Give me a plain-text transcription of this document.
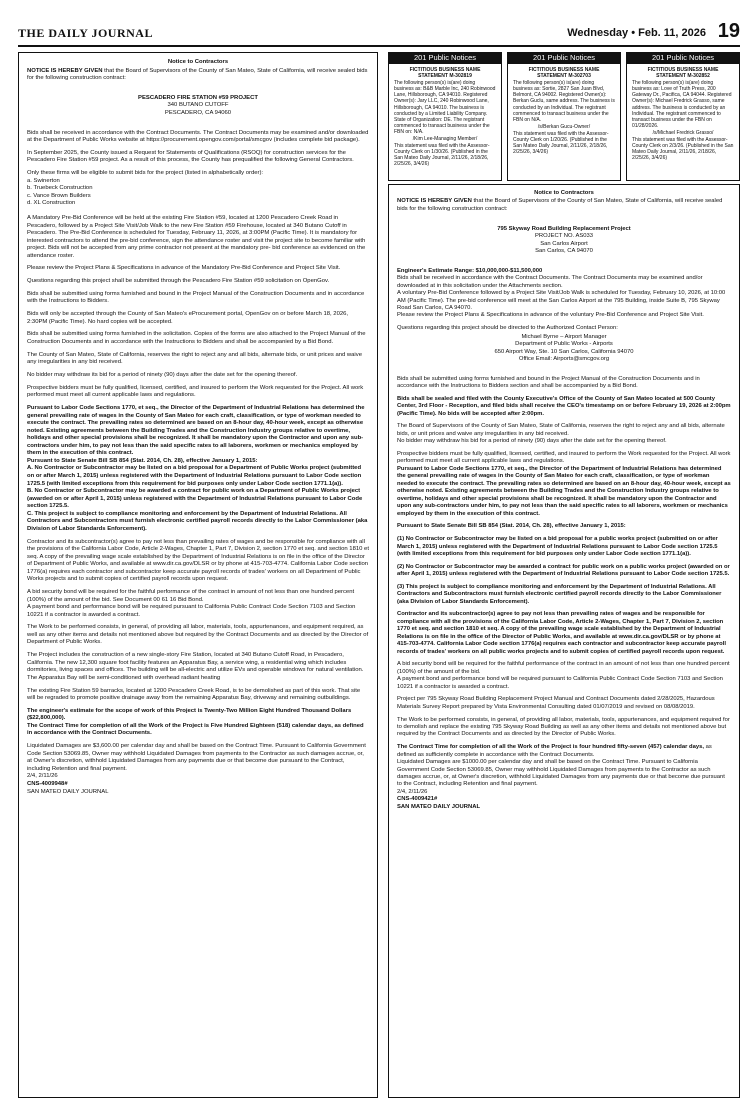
THE DAILY JOURNAL	Wednesday • Feb. 11, 2026 19

Notice to Contractors

NOTICE IS HEREBY GIVEN that the Board of Supervisors of the County of San Mateo, State of California, will receive sealed bids for the following construction contract:

PESCADERO FIRE STATION #59 PROJECT
340 BUTANO CUTOFF
PESCADERO, CA 94060

Bids shall be received in accordance with the Contract Documents. The Contract Documents may be examined and/or downloaded at the Department of Public Works website at https://procurement.opengov.com/portal/smcgov (includes complete bid package).

In September 2025, the County issued a Request for Statements of Qualifications (RSOQ) for construction services for the Pescadero Fire Station #59 project. As a result of this process, the County has prequalified the following General Contractors.

Only these firms will be eligible to submit bids for the project (listed in alphabetically order):
a. Swinerton
b. Truebeck Construction
c. Vance Brown Builders
d. XL Construction

A Mandatory Pre-Bid Conference will be held at the existing Fire Station #59, located at 1200 Pescadero Creek Road in Pescadero, followed by a Project Site Visit/Job Walk to the new Fire Station #59 Firehouse, located at 340 Butano Cutoff in Pescadero. The Pre-Bid Conference is scheduled for Tuesday, February 11, 2026, at 3:00PM (Pacific Time). It is mandatory for interested contractors to attend the pre-bid conference, sign the attendance roster and visit the project site to become familiar with project. Bids will not be accepted from any prime contractor not present at the mandatory pre- bid conference as evidenced on the attendance roster.

Please review the Project Plans & Specifications in advance of the Mandatory Pre-Bid Conference and Project Site Visit.

Questions regarding this project shall be submitted through the Pescadero Fire Station #59 solicitation on OpenGov.

Bids shall be submitted using forms furnished and bound in the Project Manual of the Construction Documents and in accordance with the Instructions to Bidders.

Bids will only be accepted through the County of San Mateo's eProcurement portal, OpenGov on or before March 18, 2026, 2:30PM (Pacific Time). No hard copies will be accepted.

Bids shall be submitted using forms furnished in the solicitation. Copies of the forms are also attached to the Project Manual of the Construction Documents and in accordance with the Instructions to Bidders and shall be accompanied by a Bid Bond.

The County of San Mateo, State of California, reserves the right to reject any and all bids, alternate bids, or unit prices and waive any irregularities in any bid received.

No bidder may withdraw its bid for a period of ninety (90) days after the date set for the opening thereof.

Prospective bidders must be fully qualified, licensed, certified, and insured to perform the Work requested for the Project. All work performed must meet all current applicable laws and regulations.

Pursuant to Labor Code Sections 1770, et seq., the Director of the Department of Industrial Relations has determined the general prevailing rate of wages in the County of San Mateo for each craft, classification, or type of workman needed to execute the contract. The prevailing rates so determined are based on an 8-hour day, 40-hour week, except as otherwise noted. Existing agreements between the Building Trades and the Construction Industry groups relative to overtime, holidays and other special provisions shall be recognized. It shall be mandatory upon the Contractor and upon any sub- contractors under him, to pay not less than the said specific rates to all laborers, workmen or mechanics employed by them in the execution of this contract.

Pursuant to State Senate Bill SB 854 (Stat. 2014, Ch. 28), effective January 1, 2015:

A. No Contractor or Subcontractor may be listed on a bid proposal for a Department of Public Works project (submitted on or after March 1, 2015) unless registered with the Department of Industrial Relations pursuant to Labor Code section 1725.5 (with limited exceptions from this requirement for bid purposes only under Labor Code section 1771.1(a)).

B. No Contractor or Subcontractor may be awarded a contract for public work on a Department of Public Works project (awarded on or after April 1, 2015) unless registered with the Department of Industrial Relations pursuant to Labor Code section 1725.5.

C. This project is subject to compliance monitoring and enforcement by the Department of Industrial Relations. All Contractors and Subcontractors must furnish electronic certified payroll records directly to the Labor Commissioner (aka Division of Labor Standards Enforcement).

Contractor and its subcontractor(s) agree to pay not less than prevailing rates of wages and be responsible for compliance with all the provisions of the California Labor Code, Article 2-Wages, Chapter 1, Part 7, Division 2, section 1770 et seq. and section 1810 et seq. A copy of the prevailing wage scale established by the Department of Industrial Relations is on file in the office of the Director of Department of Public Works, and available at www.dir.ca.gov/DLSR or by phone at 415-703-4774. California Labor Code section 1776(a) requires each contractor and subcontractor keep accurate payroll records of trades' workers on all Department of Public Works projects and to submit copies of certified payroll records upon request.

A bid security bond will be required for the faithful performance of the contract in amount of not less than one hundred percent (100%) of the amount of the bid. See Document 00 61 16 Bid Bond.
A payment bond and performance bond will be required pursuant to California Public Contract Code Section 7103 and Section 10221 if a contractor is awarded a contract.

The Work to be performed consists, in general, of providing all labor, materials, tools, appurtenances, and equipment required, as well as any other items and details not mentioned above but required by the Contract Documents and as directed by the Director of Department of Public Works.

The Project includes the construction of a new single-story Fire Station, located at 340 Butano Cutoff Road, in Pescadero, California. The new 12,300 square foot facility features an Apparatus Bay, a service wing, a residential wing which includes dormitories, living spaces and offices. The building will be all-electric and utilize EVs and operable windows for natural ventilation. The Apparatus Bay will be semi-conditioned with overhead radiant heating

The existing Fire Station 59 barracks, located at 1200 Pescadero Creek Road, is to be demolished as part of this work. That site will be regraded to promote positive drainage away from the remaining Apparatus Bay, driveway and remaining outbuildings.

The engineer's estimate for the scope of work of this Project is Twenty-Two Million Eight Hundred Thousand Dollars ($22,800,000).

The Contract Time for completion of all the Work of the Project is Five Hundred Eighteen (518) calendar days, as defined in accordance with the Contract Documents.

Liquidated Damages are $3,600.00 per calendar day and shall be based on the Contract Time. Pursuant to California Government Code Section 53069.85, Owner may withhold Liquidated Damages from payments to the Contractor as such damages accrue, or, at Owner's discretion, withhold Liquidated Damages from any payments due or that become due pursuant to the Contract, including Retention and final payment.

2/4, 2/11/26
CNS-4009948#
SAN MATEO DAILY JOURNAL

201 Public Notices	201 Public Notices	201 Public Notices

FICTITIOUS BUSINESS NAME STATEMENT M-302819

The following person(s) is(are) doing business as: B&B Marble Inc, 240 Robinwood Lane, Hillsborough, CA 94010. Registered Owner(s): Jary LLC, 240 Robinwood Lane, Hillsborough, CA 94010. The business is conducted by a Limited Liability Company. State of Organization: DE. The registrant commenced to transact business under the FBN on: N/A.

/Kim Lee-Managing Member/

This statement was filed with the Assessor-County Clerk on 1/30/26. (Published in the San Mateo Daily Journal, 2/11/26, 2/18/26, 2/25/26, 3/4/26)

FICTITIOUS BUSINESS NAME STATEMENT M-302703

The following person(s) is(are) doing business as: Sortie, 2827 San Juan Blvd, Belmont, CA 94002. Registered Owner(s): Berkan Guclu, same address. The business is conducted by an Individual. The registrant commenced to transact business under the FBN on N/A.

/s/Berkan Gucu-Owner/

This statement was filed with the Assessor-County Clerk on 1/20/26. (Published in the San Mateo Daily Journal, 2/11/26, 2/18/26, 2/25/26, 3/4/26)

FICTITIOUS BUSINESS NAME STATEMENT M-302852

The following person(s) is(are) doing business as: Love of Truth Press, 200 Gateway Dr., Pacifica, CA 94044. Registered Owner(s): Michael Fredrick Grasso, same address. The business is conducted by an Individual. The registrant commenced to transact business under the FBN on 01/28/2026.

/s/Michael Fredrick Grasso/

This statement was filed with the Assessor-County Clerk on 2/3/26. (Published in the San Mateo Daily Journal, 2/11/26, 2/18/26, 2/25/26, 3/4/26)

Notice to Contractors

NOTICE IS HEREBY GIVEN that the Board of Supervisors of the County of San Mateo, State of California, will receive sealed bids for the following construction contract:

795 Skyway Road Building Replacement Project
PROJECT NO. AS033
San Carlos Airport
San Carlos, CA 94070

Engineer's Estimate Range: $10,000,000-$11,500,000
Bids shall be received in accordance with the Contract Documents. The Contract Documents may be examined and/or downloaded at in this solicitation under the Attachments section.
A voluntary Pre-Bid Conference followed by a Project Site Visit/Job Walk is scheduled for Tuesday, February 10, 2026, at 10:00 AM (Pacific Time). The pre-bid conference will meet at the San Carlos Airport at the 795 Building, inside Suite B, 795 Skyway Road San Carlos, CA 94070.
Please review the Project Plans & Specifications in advance of the voluntary Pre-Bid Conference and Project Site Visit.

Questions regarding this project should be directed to the Authorized Contact Person:

Michael Byrne – Airport Manager
Department of Public Works - Airports
650 Airport Way, Ste. 10 San Carlos, California 94070
Office Email: Airports@smcgov.org

Bids shall be submitted using forms furnished and bound in the Project Manual of the Construction Documents and in accordance with the Instructions to Bidders section and shall be accompanied by a Bid Bond.

Bids shall be sealed and filed with the County Executive's Office of the County of San Mateo located at 500 County Center, 3rd Floor - Reception, and filed bids shall receive the CEO's timestamp on or before February 19, 2026 at 2:00pm (Pacific Time). No bids will be accepted after 2:00pm.

The Board of Supervisors of the County of San Mateo, State of California, reserves the right to reject any and all bids, alternate bids, or unit prices and waive any irregularities in any bid received.
No bidder may withdraw his bid for a period of ninety (90) days after the date set for the opening thereof.

Prospective bidders must be fully qualified, licensed, certified, and insured to perform the Work requested for the Project. All work performed must meet all current applicable laws and regulations.

Pursuant to Labor Code Sections 1770, et seq., the Director of the Department of Industrial Relations has determined the general prevailing rate of wages in the County of San Mateo for each craft, classification, or type of workman needed to execute the contract. The prevailing rates so determined are based on an 8-hour day, 40-hour week, except as otherwise noted. Existing agreements between the Building Trades and the Construction Industry groups relative to overtime, holidays and other special provisions shall be recognized. It shall be mandatory upon the Contractor and upon any sub-contractors under him, to pay not less than the said specific rates to all laborers, workmen or mechanics employed by them in the execution of this contract.

Pursuant to State Senate Bill SB 854 (Stat. 2014, Ch. 28), effective January 1, 2015:

(1) No Contractor or Subcontractor may be listed on a bid proposal for a public works project (submitted on or after March 1, 2015) unless registered with the Department of Industrial Relations pursuant to Labor Code section 1725.5 (with limited exceptions from this requirement for bid purposes only under Labor Code section 1771.1(a)).

(2) No Contractor or Subcontractor may be awarded a contract for public work on a public works project (awarded on or after April 1, 2015) unless registered with the Department of Industrial Relations pursuant to Labor Code section 1725.5.

(3) This project is subject to compliance monitoring and enforcement by the Department of Industrial Relations. All Contractors and Subcontractors must furnish electronic certified payroll records directly to the Labor Commissioner (aka Division of Labor Standards Enforcement).

Contractor and its subcontractor(s) agree to pay not less than prevailing rates of wages and be responsible for compliance with all the provisions of the California Labor Code, Article 2-Wages, Chapter 1, Part 7, Division 2, section 1770 et seq. and section 1810 et seq. A copy of the prevailing wage scale established by the Department of Industrial Relations is on file in the office of the Director of Public Works, and available at www.dir.ca.gov/DLSR or by phone at 415-703-4774. California Labor Code section 1776(a) requires each contractor and subcontractor keep accurate payroll records of trades' workers on all public works projects and to submit copies of certified payroll records upon request.

A bid security bond will be required for the faithful performance of the contract in an amount of not less than one hundred percent (100%) of the amount of the bid.
A payment bond and performance bond will be required pursuant to California Public Contract Code Section 7103 and Section 10221 if a contractor is awarded a contract.

Project per 795 Skyway Road Building Replacement Project Manual and Contract Documents dated 2/28/2025, Hazardous Materials Survey Report prepared by Vista Environmental Consulting dated 01/07/2019 and revised on 08/08/2019.

The Work to be performed consists, in general, of providing all labor, materials, tools, appurtenances, and equipment required for to demolish and replace the existing 795 Skyway Road Building as well as any other items and details not mentioned above but required by the Contract Documents and as directed by the Director of Public Works.

The Contract Time for completion of all the Work of the Project is four hundred fifty-seven (457) calendar days, as defined as sufficiently complete in accordance with the Contract Documents.

Liquidated Damages are $1000.00 per calendar day and shall be based on the Contract Time. Pursuant to California Government Code Section 53069.85, Owner may withhold Liquidated Damages from payments to the Contractor as such damages accrue, or, at Owner's discretion, withhold Liquidated Damages from any payments due or that become due pursuant to the Contract, including Retention and final payment.

2/4, 2/11/26
CNS-4009421#
SAN MATEO DAILY JOURNAL
